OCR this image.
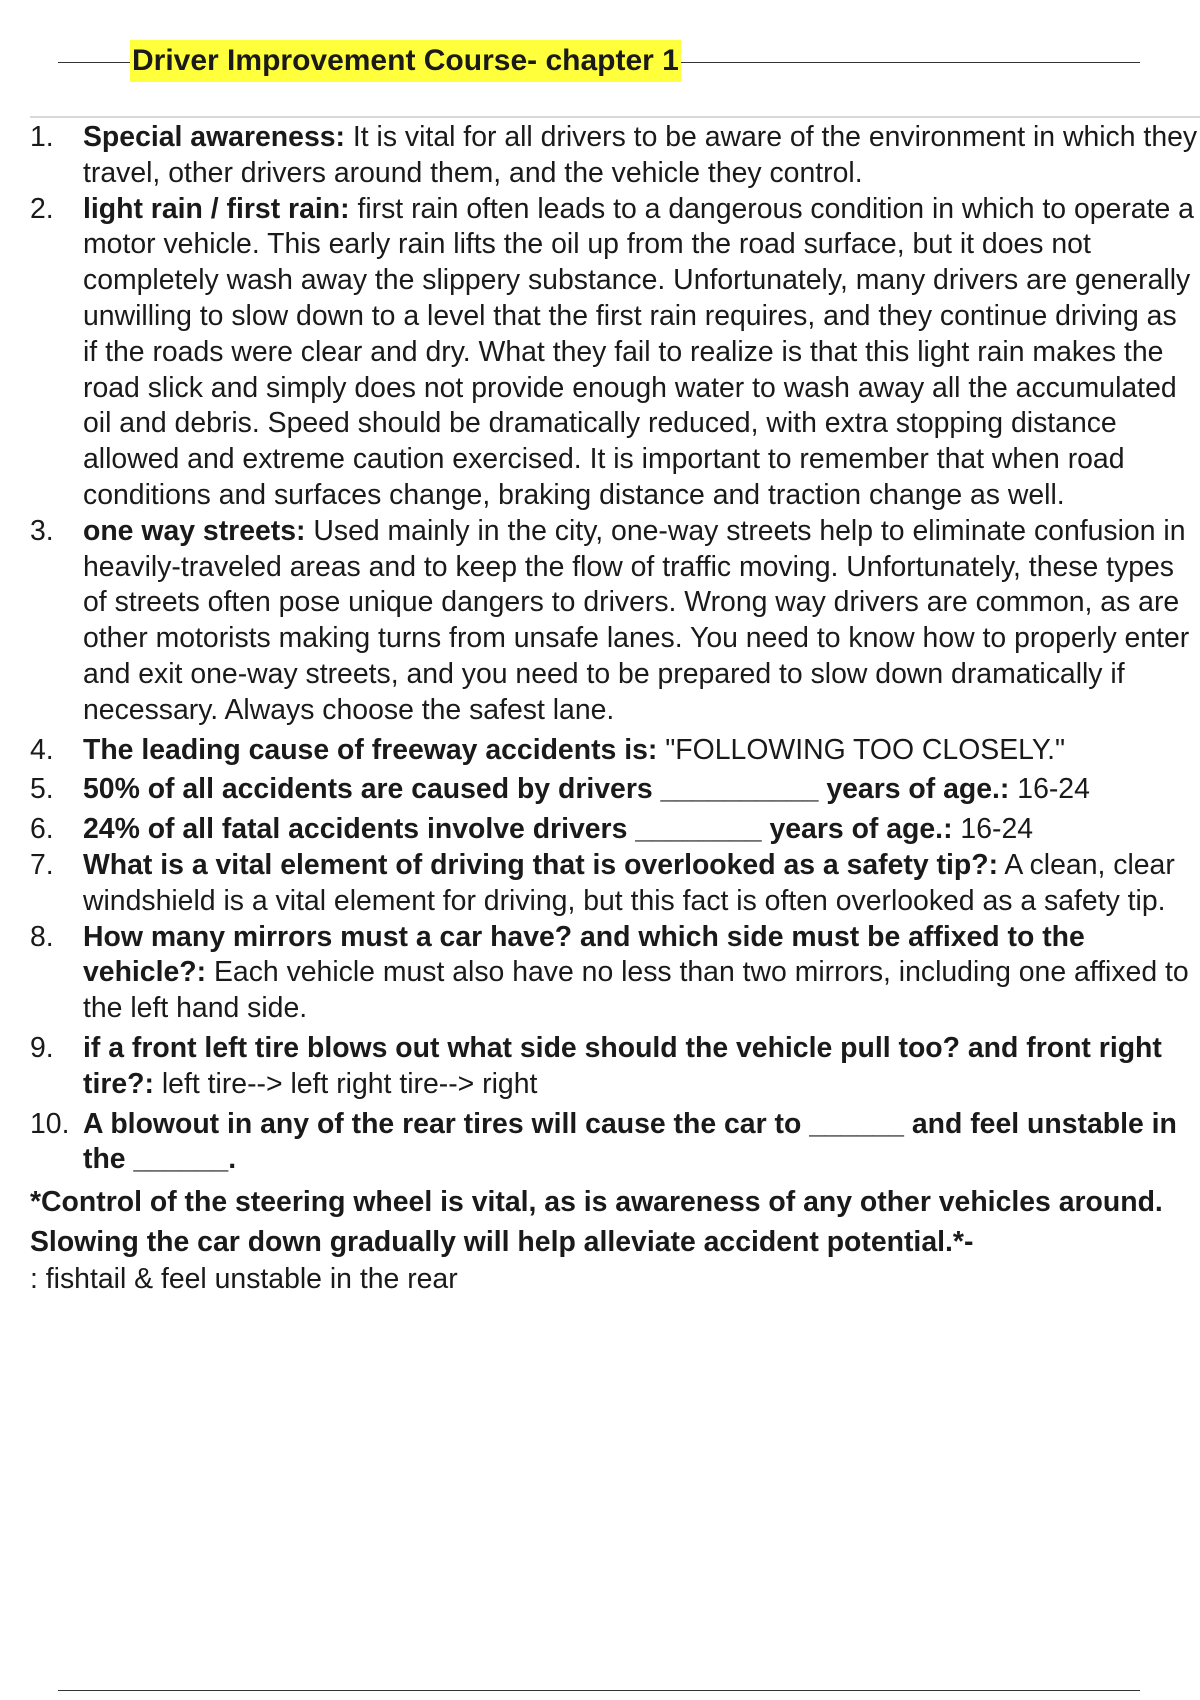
Driver Improvement Course- chapter 1
1. Special awareness: It is vital for all drivers to be aware of the environment in which they travel, other drivers around them, and the vehicle they control.
2. light rain / first rain: first rain often leads to a dangerous condition in which to operate a motor vehicle. This early rain lifts the oil up from the road surface, but it does not completely wash away the slippery substance. Unfortunately, many drivers are generally unwilling to slow down to a level that the first rain requires, and they continue driving as if the roads were clear and dry. What they fail to realize is that this light rain makes the road slick and simply does not provide enough water to wash away all the accumulated oil and debris. Speed should be dramatically reduced, with extra stopping distance allowed and extreme caution exercised. It is important to remember that when road conditions and surfaces change, braking distance and traction change as well.
3. one way streets: Used mainly in the city, one-way streets help to eliminate confusion in heavily-traveled areas and to keep the flow of traffic moving. Unfortunately, these types of streets often pose unique dangers to drivers. Wrong way drivers are common, as are other motorists making turns from unsafe lanes. You need to know how to properly enter and exit one-way streets, and you need to be prepared to slow down dramatically if necessary. Always choose the safest lane.
4. The leading cause of freeway accidents is: "FOLLOWING TOO CLOSELY."
5. 50% of all accidents are caused by drivers __________ years of age.: 16-24
6. 24% of all fatal accidents involve drivers ________ years of age.: 16-24
7. What is a vital element of driving that is overlooked as a safety tip?: A clean, clear windshield is a vital element for driving, but this fact is often overlooked as a safety tip.
8. How many mirrors must a car have? and which side must be affixed to the vehicle?: Each vehicle must also have no less than two mirrors, including one affixed to the left hand side.
9. if a front left tire blows out what side should the vehicle pull too? and front right tire?: left tire--> left right tire--> right
10. A blowout in any of the rear tires will cause the car to ______ and feel unstable in the ______.
*Control of the steering wheel is vital, as is awareness of any other vehicles around. Slowing the car down gradually will help alleviate accident potential.*-
: fishtail & feel unstable in the rear
